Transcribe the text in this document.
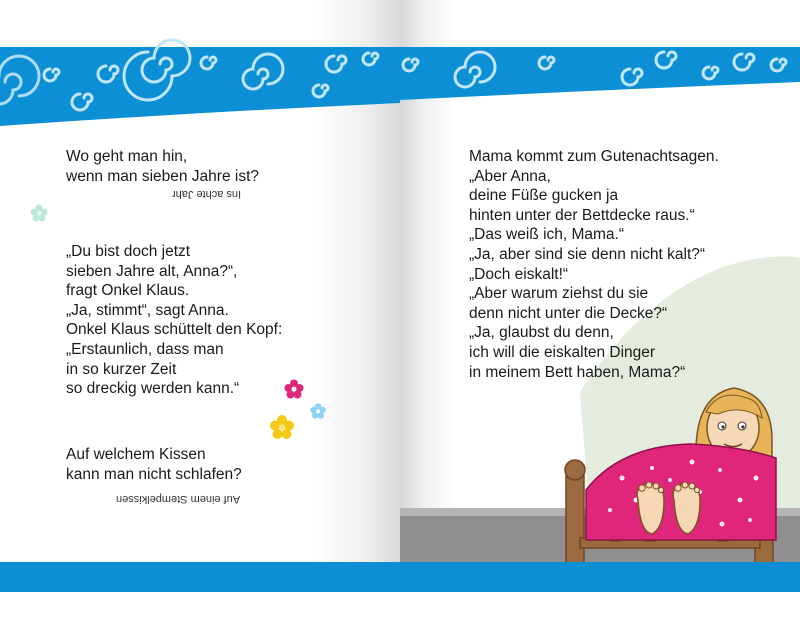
Wo geht man hin,
wenn man sieben Jahre ist?
Ins achte Jahr
„Du bist doch jetzt
sieben Jahre alt, Anna?“,
fragt Onkel Klaus.
„Ja, stimmt“, sagt Anna.
Onkel Klaus schüttelt den Kopf:
„Erstaunlich, dass man
in so kurzer Zeit
so dreckig werden kann.“
Auf welchem Kissen
kann man nicht schlafen?
Auf einem Stempelkissen
Mama kommt zum Gutenachtsagen.
„Aber Anna,
deine Füße gucken ja
hinten unter der Bettdecke raus.“
„Das weiß ich, Mama.“
„Ja, aber sind sie denn nicht kalt?“
„Doch eiskalt!“
„Aber warum ziehst du sie
denn nicht unter die Decke?“
„Ja, glaubst du denn,
ich will die eiskalten Dinger
in meinem Bett haben, Mama?“
